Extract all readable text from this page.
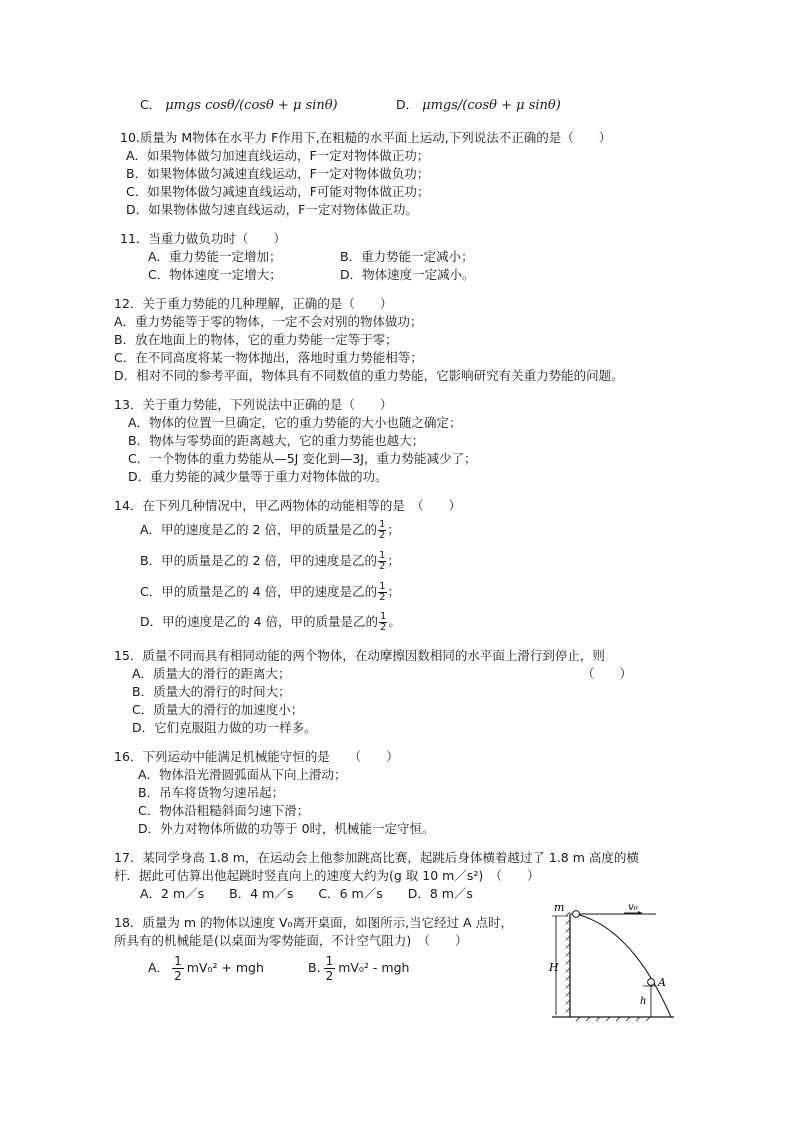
C． μmgs cosθ/(cosθ + μ sinθ)	D． μmgs/(cosθ + μ sinθ)
10.质量为 M物体在水平力 F作用下,在粗糙的水平面上运动,下列说法不正确的是（　　）
A．如果物体做匀加速直线运动，F一定对物体做正功；
B．如果物体做匀减速直线运动，F一定对物体做负功；
C．如果物体做匀减速直线运动，F可能对物体做正功；
D．如果物体做匀速直线运动，F一定对物体做正功。
11．当重力做负功时（　　）
A．重力势能一定增加；	B．重力势能一定减小；
C．物体速度一定增大；	D．物体速度一定减小。
12．关于重力势能的几种理解，正确的是（　　）
A．重力势能等于零的物体，一定不会对别的物体做功；
B．放在地面上的物体，它的重力势能一定等于零；
C．在不同高度将某一物体抛出，落地时重力势能相等；
D．相对不同的参考平面，物体具有不同数值的重力势能，它影响研究有关重力势能的问题。
13．关于重力势能，下列说法中正确的是（　　）
A．物体的位置一旦确定，它的重力势能的大小也随之确定；
B．物体与零势面的距离越大，它的重力势能也越大；
C．一个物体的重力势能从—5J 变化到—3J，重力势能减少了；
D．重力势能的减少量等于重力对物体做的功。
14．在下列几种情况中，甲乙两物体的动能相等的是　（　　）
A．甲的速度是乙的 2 倍，甲的质量是乙的 $\frac{1}{2}$ ；
B．甲的质量是乙的 2 倍，甲的速度是乙的 $\frac{1}{2}$ ；
C．甲的质量是乙的 4 倍，甲的速度是乙的 $\frac{1}{2}$ ；
D．甲的速度是乙的 4 倍，甲的质量是乙的 $\frac{1}{2}$ 。
15．质量不同而具有相同动能的两个物体，在动摩擦因数相同的水平面上滑行到停止，则
A．质量大的滑行的距离大；	（　　）
B．质量大的滑行的时间大；
C．质量大的滑行的加速度小；
D．它们克服阻力做的功一样多。
16．下列运动中能满足机械能守恒的是　　（　　）
A．物体沿光滑圆弧面从下向上滑动；
B．吊车将货物匀速吊起；
C．物体沿粗糙斜面匀速下滑；
D．外力对物体所做的功等于 0时，机械能一定守恒。
17．某同学身高 1.8 m，在运动会上他参加跳高比赛，起跳后身体横着越过了 1.8 m 高度的横
杆．据此可估算出他起跳时竖直向上的速度大约为(g 取 10 m／s²)　（　　）
A．2 m／s　　B．4 m／s　　C．6 m／s　　D．8 m／s
18．质量为 m 的物体以速度 V₀离开桌面，如图所示,当它经过 A 点时，
所具有的机械能是(以桌面为零势能面，不计空气阻力)　（　　）
A． $\frac{1}{2} mV_0^2$ + mgh	B. $\frac{1}{2} mV_0^2$ - mgh
m	v₀
H
h
A
